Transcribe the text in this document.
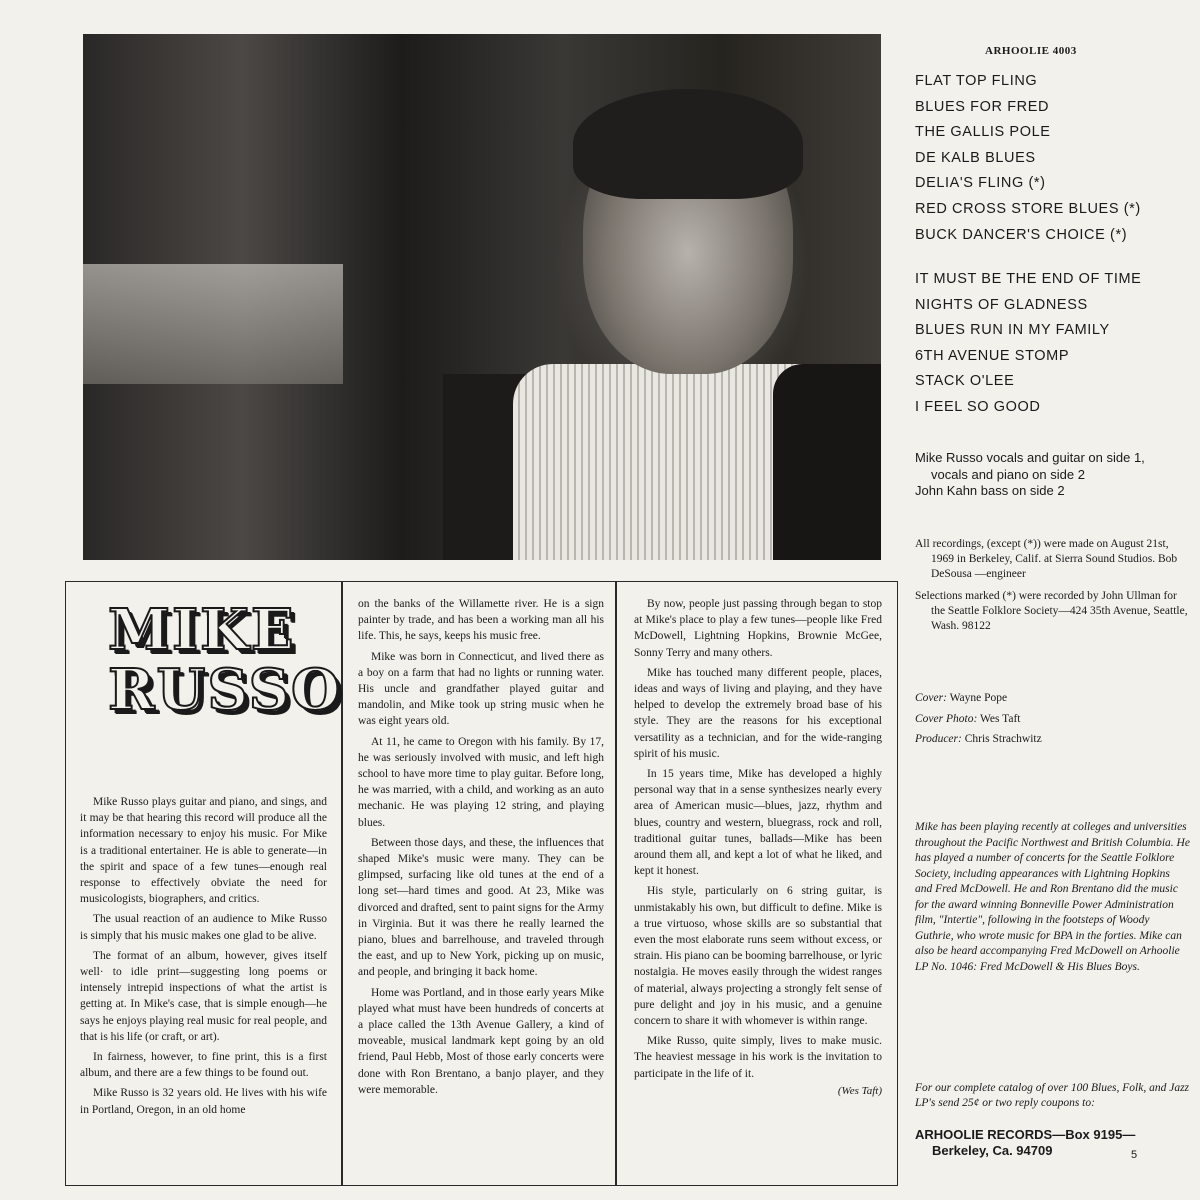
ARHOOLIE 4003
FLAT TOP FLING
BLUES FOR FRED
THE GALLIS POLE
DE KALB BLUES
DELIA'S FLING (*)
RED CROSS STORE BLUES (*)
BUCK DANCER'S CHOICE (*)
IT MUST BE THE END OF TIME
NIGHTS OF GLADNESS
BLUES RUN IN MY FAMILY
6TH AVENUE STOMP
STACK O'LEE
I FEEL SO GOOD

Mike Russo vocals and guitar on side 1, vocals and piano on side 2

John Kahn bass on side 2

All recordings, (except (*)) were made on August 21st, 1969 in Berkeley, Calif. at Sierra Sound Studios. Bob DeSousa —engineer

Selections marked (*) were recorded by John Ullman for the Seattle Folklore Society—424 35th Avenue, Seattle, Wash. 98122

Cover: Wayne Pope
Cover Photo: Wes Taft
Producer: Chris Strachwitz

Mike has been playing recently at colleges and universities throughout the Pacific Northwest and British Columbia. He has played a number of concerts for the Seattle Folklore Society, including appearances with Lightning Hopkins and Fred McDowell. He and Ron Brentano did the music for the award winning Bonneville Power Administration film, "Intertie", following in the footsteps of Woody Guthrie, who wrote music for BPA in the forties. Mike can also be heard accompanying Fred McDowell on Arhoolie LP No. 1046: Fred McDowell & His Blues Boys.

For our complete catalog of over 100 Blues, Folk, and Jazz LP's send 25¢ or two reply coupons to:

ARHOOLIE RECORDS—Box 9195—
Berkeley, Ca. 94709	5
MIKE
RUSSO

Mike Russo plays guitar and piano, and sings, and it may be that hearing this record will produce all the information necessary to enjoy his music. For Mike is a traditional entertainer. He is able to generate—in the spirit and space of a few tunes—enough real response to effectively obviate the need for musicologists, biographers, and critics.

The usual reaction of an audience to Mike Russo is simply that his music makes one glad to be alive.

The format of an album, however, gives itself well· to idle print—suggesting long poems or intensely intrepid inspections of what the artist is getting at. In Mike's case, that is simple enough—he says he enjoys playing real music for real people, and that is his life (or craft, or art).

In fairness, however, to fine print, this is a first album, and there are a few things to be found out.

Mike Russo is 32 years old. He lives with his wife in Portland, Oregon, in an old home

on the banks of the Willamette river. He is a sign painter by trade, and has been a working man all his life. This, he says, keeps his music free.

Mike was born in Connecticut, and lived there as a boy on a farm that had no lights or running water. His uncle and grandfather played guitar and mandolin, and Mike took up string music when he was eight years old.

At 11, he came to Oregon with his family. By 17, he was seriously involved with music, and left high school to have more time to play guitar. Before long, he was married, with a child, and working as an auto mechanic. He was playing 12 string, and playing blues.

Between those days, and these, the influences that shaped Mike's music were many. They can be glimpsed, surfacing like old tunes at the end of a long set—hard times and good. At 23, Mike was divorced and drafted, sent to paint signs for the Army in Virginia. But it was there he really learned the piano, blues and barrelhouse, and traveled through the east, and up to New York, picking up on music, and people, and bringing it back home.

Home was Portland, and in those early years Mike played what must have been hundreds of concerts at a place called the 13th Avenue Gallery, a kind of moveable, musical landmark kept going by an old friend, Paul Hebb, Most of those early concerts were done with Ron Brentano, a banjo player, and they were memorable.

By now, people just passing through began to stop at Mike's place to play a few tunes—people like Fred McDowell, Lightning Hopkins, Brownie McGee, Sonny Terry and many others.

Mike has touched many different people, places, ideas and ways of living and playing, and they have helped to develop the extremely broad base of his style. They are the reasons for his exceptional versatility as a technician, and for the wide-ranging spirit of his music.

In 15 years time, Mike has developed a highly personal way that in a sense synthesizes nearly every area of American music—blues, jazz, rhythm and blues, country and western, bluegrass, rock and roll, traditional guitar tunes, ballads—Mike has been around them all, and kept a lot of what he liked, and kept it honest.

His style, particularly on 6 string guitar, is unmistakably his own, but difficult to define. Mike is a true virtuoso, whose skills are so substantial that even the most elaborate runs seem without excess, or strain. His piano can be booming barrelhouse, or lyric nostalgia. He moves easily through the widest ranges of material, always projecting a strongly felt sense of pure delight and joy in his music, and a genuine concern to share it with whomever is within range.

Mike Russo, quite simply, lives to make music. The heaviest message in his work is the invitation to participate in the life of it.

(Wes Taft)
